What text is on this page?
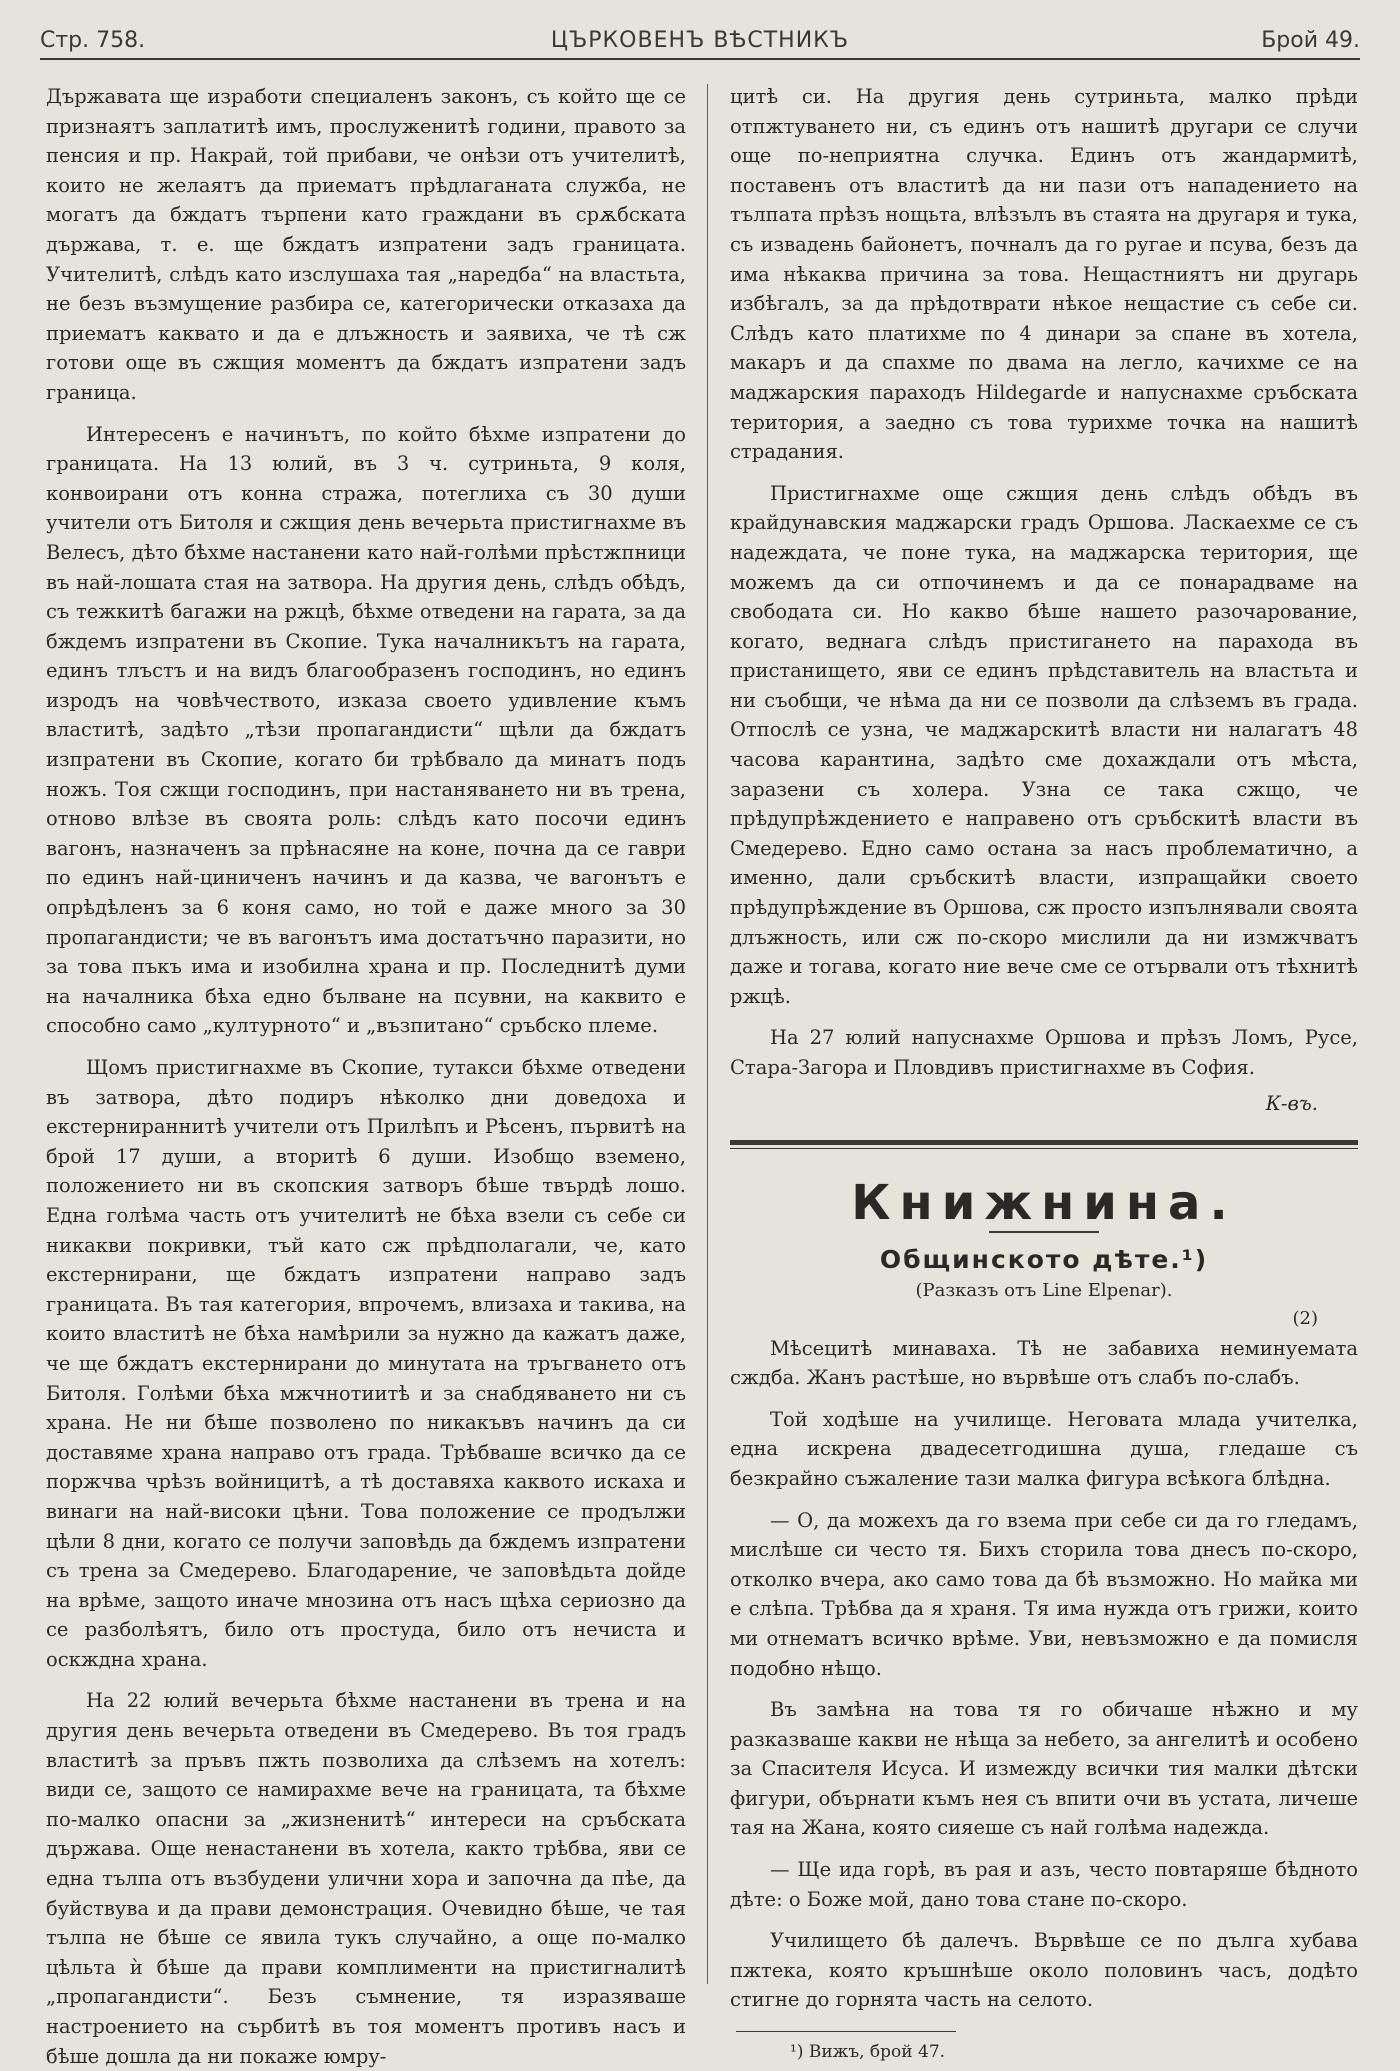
Стр. 758.	ЦЪРКОВЕНЪ ВѢСТНИКЪ	Брой 49.

Държавата ще изработи специаленъ законъ, съ който ще се признаятъ заплатитѣ имъ, прослуженитѣ години, правото за пенсия и пр. Накрай, той прибави, че онѣзи отъ учителитѣ, които не желаятъ да приематъ прѣдлаганата служба, не могатъ да бждатъ търпени като граждани въ срѫбската държава, т. е. ще бждатъ изпратени задъ границата. Учителитѣ, слѣдъ като изслушаха тая „наредба“ на властьта, не безъ възмущение разбира се, категорически отказаха да приематъ каквато и да е длъжность и заявиха, че тѣ сж готови още въ сжщия моментъ да бждатъ изпратени задъ граница.

Интересенъ е начинътъ, по който бѣхме изпратени до границата. На 13 юлий, въ 3 ч. сутриньта, 9 коля, конвоирани отъ конна стража, потеглиха съ 30 души учители отъ Битоля и сжщия день вечерьта пристигнахме въ Велесъ, дѣто бѣхме настанени като най-голѣми прѣстжпници въ най-лошата стая на затвора. На другия день, слѣдъ обѣдъ, съ тежкитѣ багажи на ржцѣ, бѣхме отведени на гарата, за да бждемъ изпратени въ Скопие. Тука началникътъ на гарата, единъ тлъстъ и на видъ благообразенъ господинъ, но единъ изродъ на човѣчеството, изказа своето удивление къмъ властитѣ, задѣто „тѣзи пропагандисти“ щѣли да бждатъ изпратени въ Скопие, когато би трѣбвало да минатъ подъ ножъ. Тоя сжщи господинъ, при настаняването ни въ трена, отново влѣзе въ своята роль: слѣдъ като посочи единъ вагонъ, назначенъ за прѣнасяне на коне, почна да се гаври по единъ най-циниченъ начинъ и да казва, че вагонътъ е опрѣдѣленъ за 6 коня само, но той е даже много за 30 пропагандисти; че въ вагонътъ има достатъчно паразити, но за това пъкъ има и изобилна храна и пр. Последнитѣ думи на началника бѣха едно бълване на псувни, на каквито е способно само „културното“ и „възпитано“ сръбско племе.

Щомъ пристигнахме въ Скопие, тутакси бѣхме отведени въ затвора, дѣто подиръ нѣколко дни доведоха и екстернираннитѣ учители отъ Прилѣпъ и Рѣсенъ, първитѣ на брой 17 души, а вторитѣ 6 души. Изобщо вземено, положението ни въ скопския затворъ бѣше твърдѣ лошо. Една голѣма часть отъ учителитѣ не бѣха взели съ себе си никакви покривки, тъй като сж прѣдполагали, че, като екстернирани, ще бждатъ изпратени направо задъ границата. Въ тая категория, впрочемъ, влизаха и такива, на които властитѣ не бѣха намѣрили за нужно да кажатъ даже, че ще бждатъ екстернирани до минутата на тръгването отъ Битоля. Голѣми бѣха мжчнотиитѣ и за снабдяването ни съ храна. Не ни бѣше позволено по никакъвъ начинъ да си доставяме храна направо отъ града. Трѣбваше всичко да се поржчва чрѣзъ войницитѣ, а тѣ доставяха каквото искаха и винаги на най-високи цѣни. Това положение се продължи цѣли 8 дни, когато се получи заповѣдь да бждемъ изпратени съ трена за Смедерево. Благодарение, че заповѣдьта дойде на врѣме, защото иначе мнозина отъ насъ щѣха сериозно да се разболѣятъ, било отъ простуда, било отъ нечиста и оскждна храна.

На 22 юлий вечерьта бѣхме настанени въ трена и на другия день вечерьта отведени въ Смедерево. Въ тоя градъ властитѣ за пръвъ пжть позволиха да слѣземъ на хотелъ: види се, защото се намирахме вече на границата, та бѣхме по-малко опасни за „жизненитѣ“ интереси на сръбската държава. Още ненастанени въ хотела, както трѣбва, яви се една тълпа отъ възбудени улични хора и започна да пѣе, да буйствува и да прави демонстрация. Очевидно бѣше, че тая тълпа не бѣше се явила тукъ случайно, а още по-малко цѣльта ѝ бѣше да прави комплименти на пристигналитѣ „пропагандисти“. Безъ съмнение, тя изразяваше настроението на сърбитѣ въ тоя моментъ противъ насъ и бѣше дошла да ни покаже юмру-

цитѣ си. На другия день сутриньта, малко прѣди отпжтуването ни, съ единъ отъ нашитѣ другари се случи още по-неприятна случка. Единъ отъ жандармитѣ, поставенъ отъ властитѣ да ни пази отъ нападението на тълпата прѣзъ нощьта, влѣзълъ въ стаята на другаря и тука, съ извадень байонетъ, почналъ да го ругае и псува, безъ да има нѣкаква причина за това. Нещастниятъ ни другарь избѣгалъ, за да прѣдотврати нѣкое нещастие съ себе си. Слѣдъ като платихме по 4 динари за спане въ хотела, макаръ и да спахме по двама на легло, качихме се на маджарския параходъ Hildegarde и напуснахме сръбската територия, а заедно съ това турихме точка на нашитѣ страдания.

Пристигнахме още сжщия день слѣдъ обѣдъ въ крайдунавския маджарски градъ Оршова. Ласкаехме се съ надеждата, че поне тука, на маджарска територия, ще можемъ да си отпочинемъ и да се понарадваме на свободата си. Но какво бѣше нашето разочарование, когато, веднага слѣдъ пристигането на парахода въ пристанището, яви се единъ прѣдставитель на властьта и ни съобщи, че нѣма да ни се позволи да слѣземъ въ града. Отпослѣ се узна, че маджарскитѣ власти ни налагатъ 48 часова карантина, задѣто сме дохаждали отъ мѣста, заразени съ холера. Узна се така сжщо, че прѣдупрѣждението е направено отъ сръбскитѣ власти въ Смедерево. Едно само остана за насъ проблематично, а именно, дали сръбскитѣ власти, изпращайки своето прѣдупрѣждение въ Оршова, сж просто изпълнявали своята длъжность, или сж по-скоро мислили да ни измжчватъ даже и тогава, когато ние вече сме се отървали отъ тѣхнитѣ ржцѣ.

На 27 юлий напуснахме Оршова и прѣзъ Ломъ, Русе, Стара-Загора и Пловдивъ пристигнахме въ София.

К-въ.
Книжнина.
Общинското дѣте.¹)
(Разказъ отъ Line Elpenar).
(2)

Мѣсецитѣ минаваха. Тѣ не забавиха неминуемата сждба. Жанъ растѣше, но вървѣше отъ слабъ по-слабъ.

Той ходѣше на училище. Неговата млада учителка, една искрена двадесетгодишна душа, гледаше съ безкрайно съжаление тази малка фигура всѣкога блѣдна.

— О, да можехъ да го взема при себе си да го гледамъ, мислѣше си често тя. Бихъ сторила това днесъ по-скоро, отколко вчера, ако само това да бѣ възможно. Но майка ми е слѣпа. Трѣбва да я храня. Тя има нужда отъ грижи, които ми отнематъ всичко врѣме. Уви, невъзможно е да помисля подобно нѣщо.

Въ замѣна на това тя го обичаше нѣжно и му разказваше какви не нѣща за небето, за ангелитѣ и особено за Спасителя Исуса. И измежду всички тия малки дѣтски фигури, обърнати къмъ нея съ впити очи въ устата, личеше тая на Жана, която сияеше съ най голѣма надежда.

— Ще ида горѣ, въ рая и азъ, често повтаряше бѣдното дѣте: о Боже мой, дано това стане по-скоро.

Училището бѣ далечъ. Вървѣше се по дълга хубава пжтека, която кръшнѣше около половинъ часъ, додѣто стигне до горнята часть на селото.

¹) Вижъ, брой 47.
